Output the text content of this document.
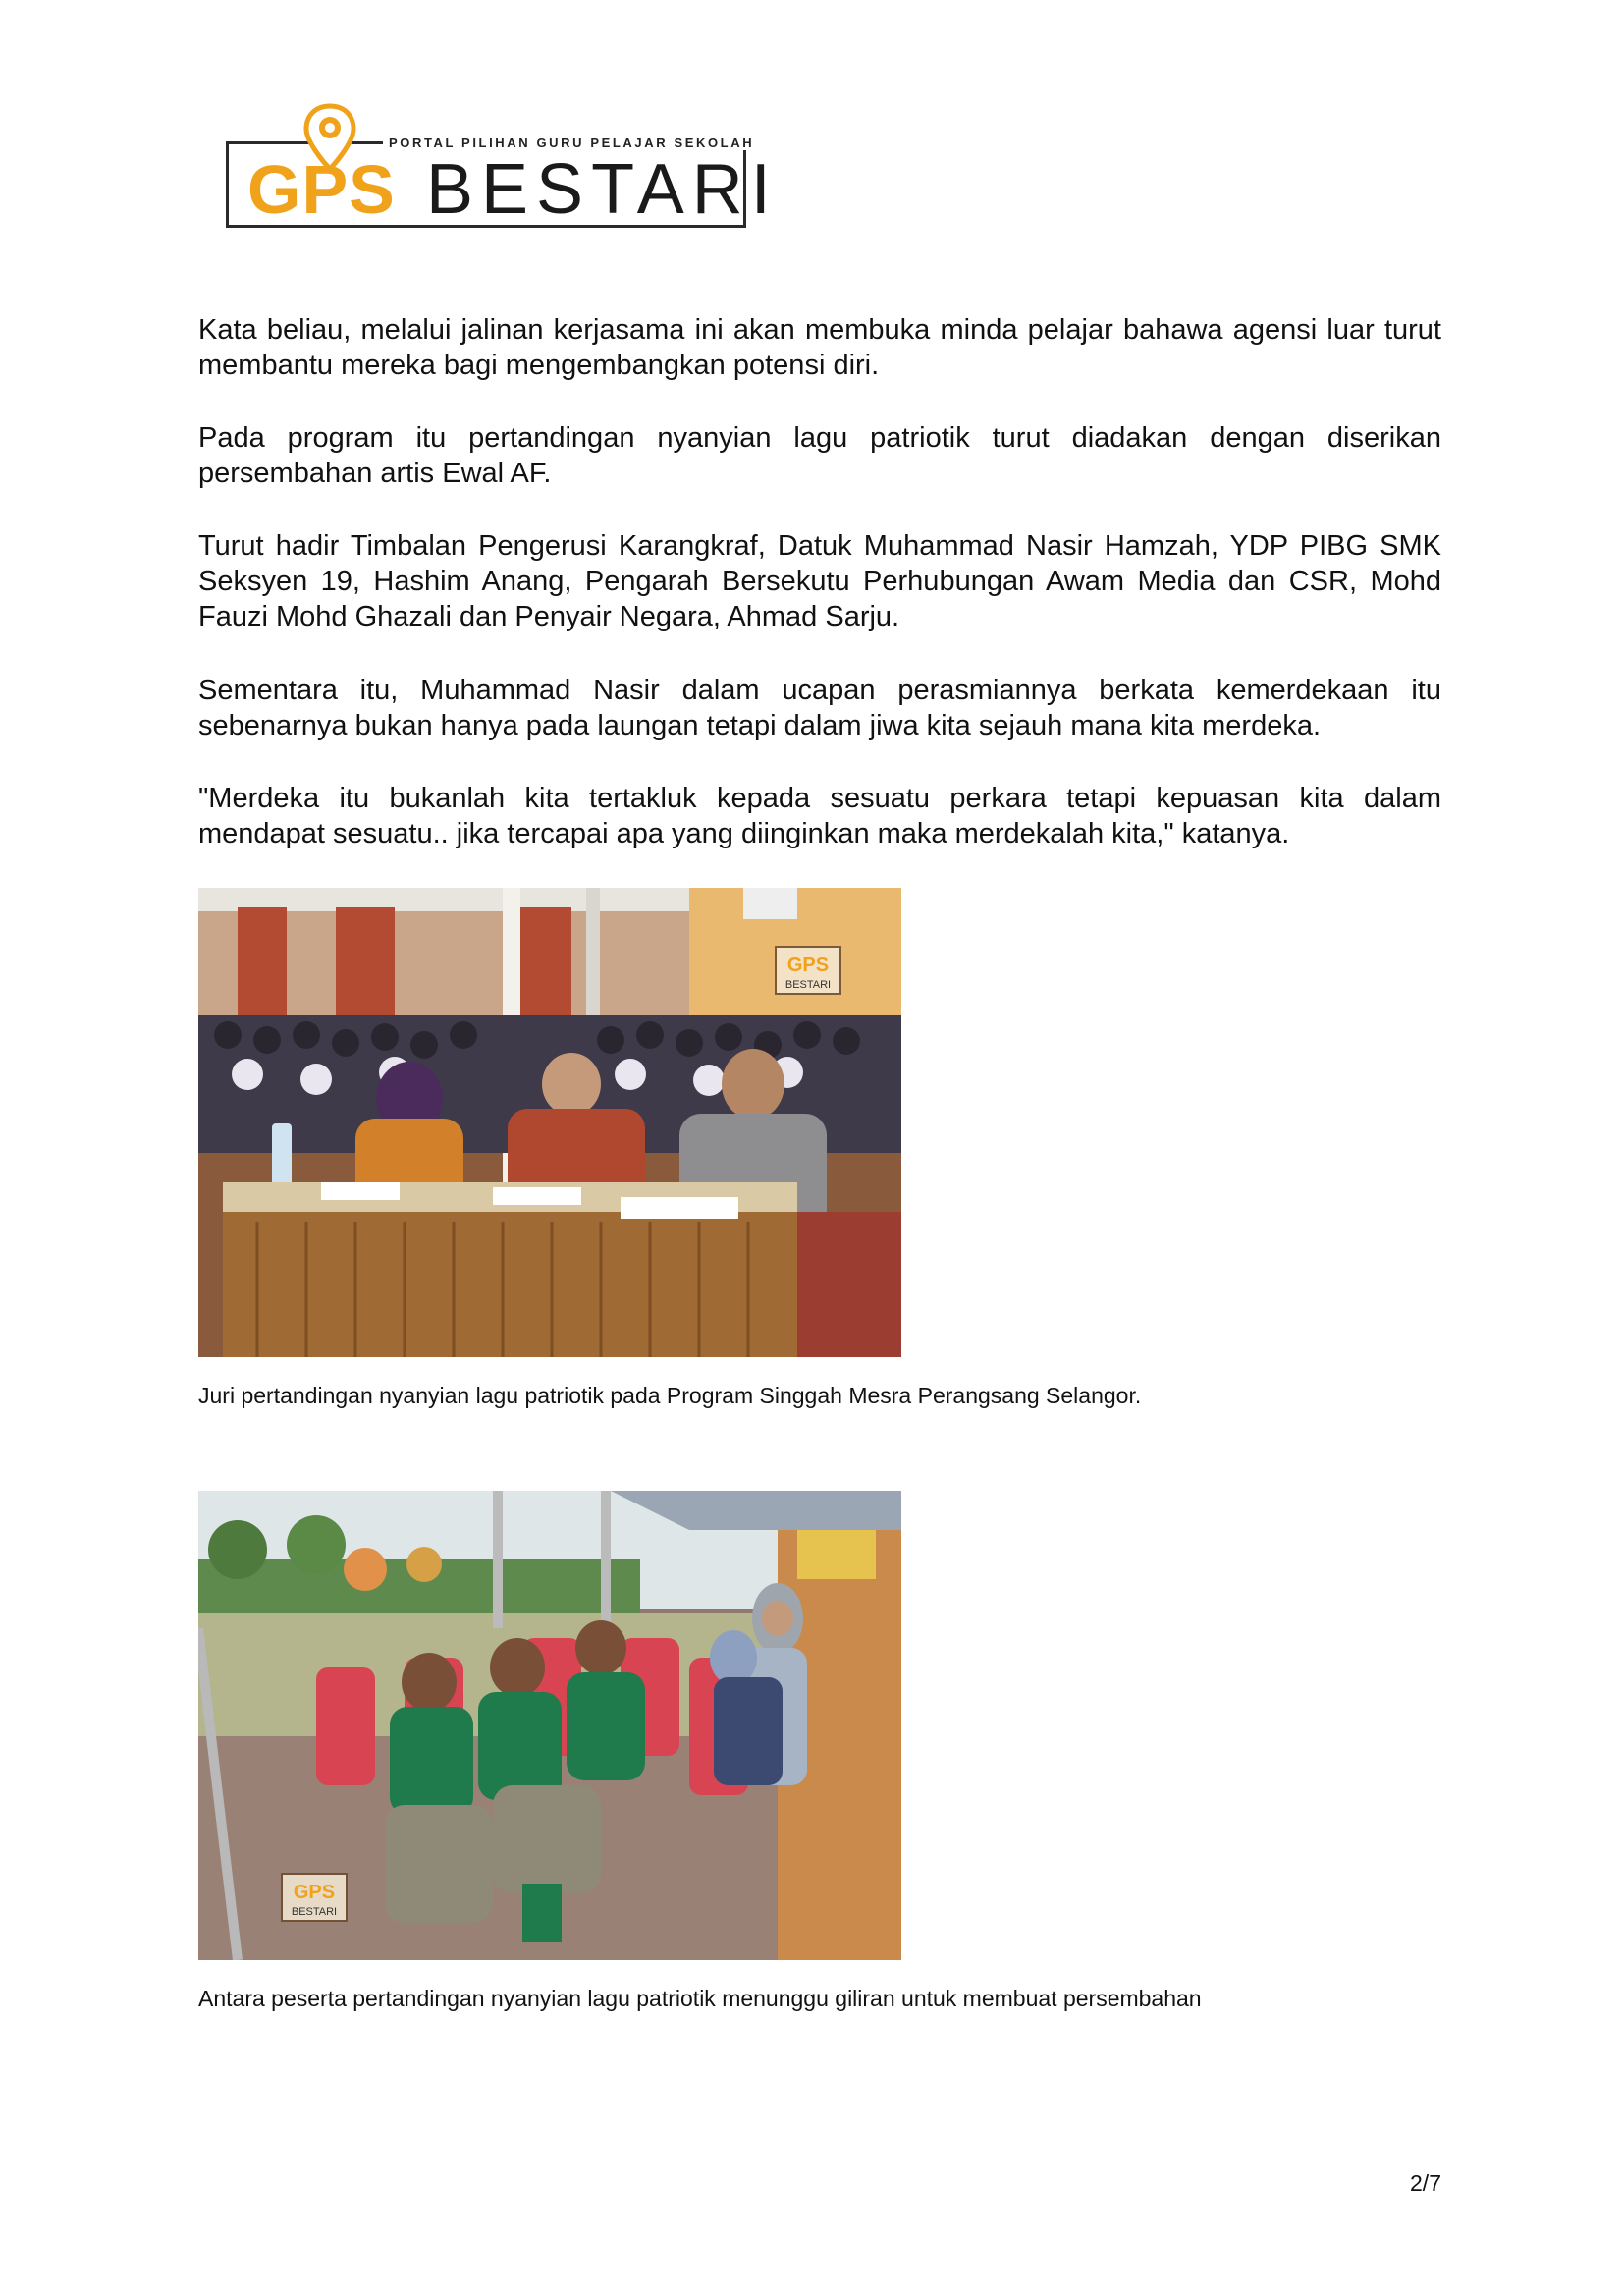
PORTAL PILIHAN GURU PELAJAR SEKOLAH
GPS BESTARI

Kata beliau, melalui jalinan kerjasama ini akan membuka minda pelajar bahawa agensi luar turut membantu mereka bagi mengembangkan potensi diri.

Pada program itu pertandingan nyanyian lagu patriotik turut diadakan dengan diserikan persembahan artis Ewal AF.

Turut hadir Timbalan Pengerusi Karangkraf, Datuk Muhammad Nasir Hamzah, YDP PIBG SMK Seksyen 19, Hashim Anang, Pengarah Bersekutu Perhubungan Awam Media dan CSR, Mohd Fauzi Mohd Ghazali dan Penyair Negara, Ahmad Sarju.

Sementara itu, Muhammad Nasir dalam ucapan perasmiannya berkata kemerdekaan itu sebenarnya bukan hanya pada laungan tetapi dalam jiwa kita sejauh mana kita merdeka.

"Merdeka itu bukanlah kita tertakluk kepada sesuatu perkara tetapi kepuasan kita dalam mendapat sesuatu.. jika tercapai apa yang diinginkan maka merdekalah kita," katanya.

GPS
BESTARI

Juri pertandingan nyanyian lagu patriotik pada Program Singgah Mesra Perangsang Selangor.

GPS
BESTARI

Antara peserta pertandingan nyanyian lagu patriotik menunggu giliran untuk membuat persembahan

2/7
